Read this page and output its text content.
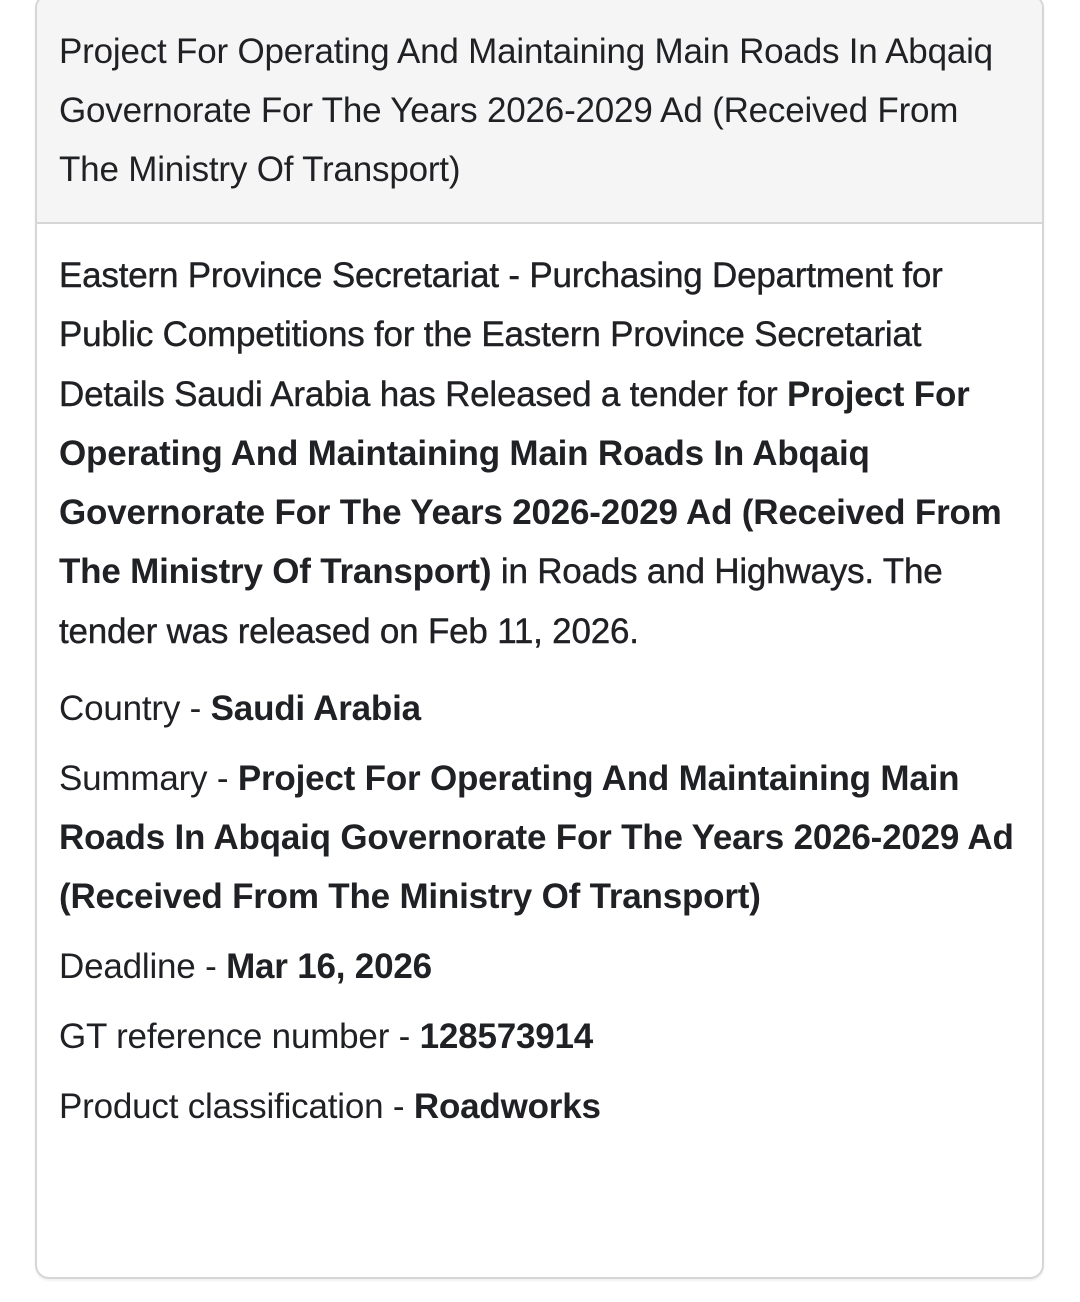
Project For Operating And Maintaining Main Roads In Abqaiq Governorate For The Years 2026-2029 Ad (Received From The Ministry Of Transport)

Eastern Province Secretariat - Purchasing Department for Public Competitions for the Eastern Province Secretariat Details Saudi Arabia has Released a tender for Project For Operating And Maintaining Main Roads In Abqaiq Governorate For The Years 2026-2029 Ad (Received From The Ministry Of Transport) in Roads and Highways. The tender was released on Feb 11, 2026.

Country - Saudi Arabia
Summary - Project For Operating And Maintaining Main Roads In Abqaiq Governorate For The Years 2026-2029 Ad (Received From The Ministry Of Transport)
Deadline - Mar 16, 2026
GT reference number - 128573914
Product classification - Roadworks
